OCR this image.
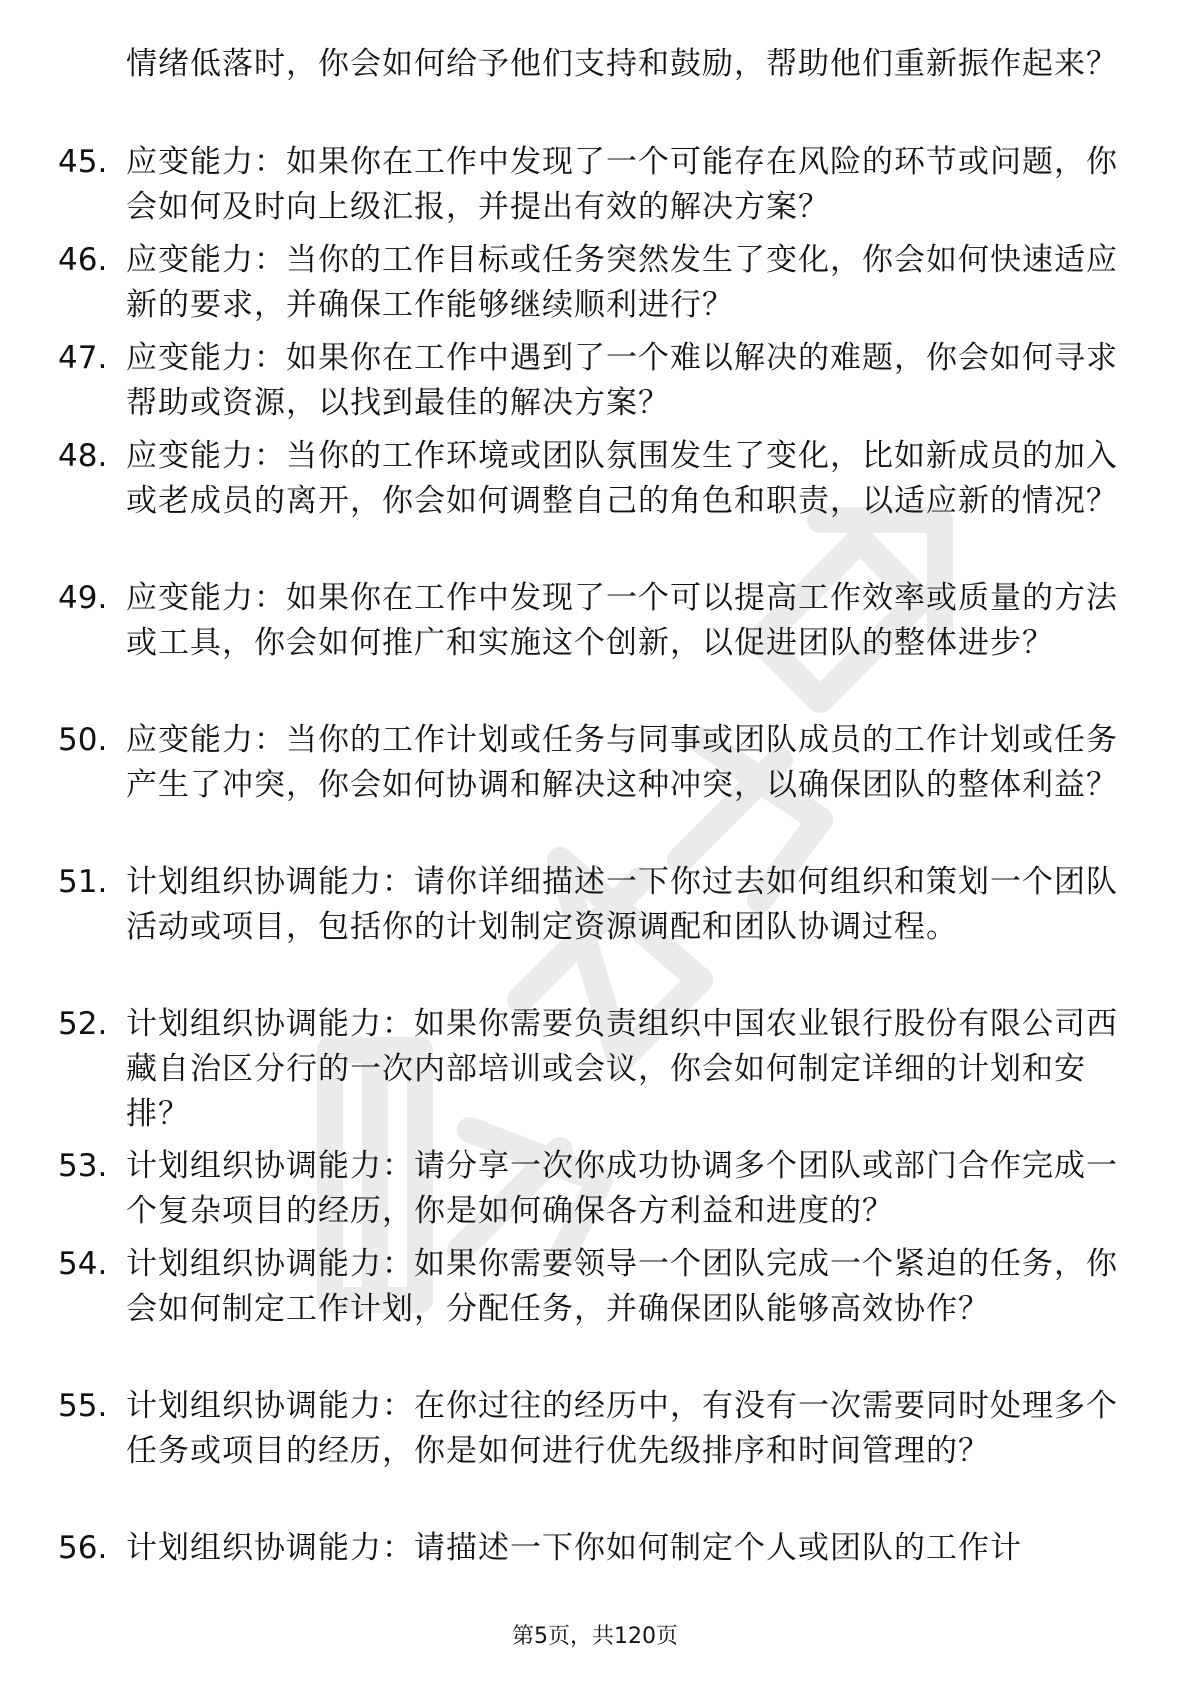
情绪低落时，你会如何给予他们支持和鼓励，帮助他们重新振作起来？
45. 应变能力：如果你在工作中发现了一个可能存在风险的环节或问题，你会如何及时向上级汇报，并提出有效的解决方案？
46. 应变能力：当你的工作目标或任务突然发生了变化，你会如何快速适应新的要求，并确保工作能够继续顺利进行？
47. 应变能力：如果你在工作中遇到了一个难以解决的难题，你会如何寻求帮助或资源，以找到最佳的解决方案？
48. 应变能力：当你的工作环境或团队氛围发生了变化，比如新成员的加入或老成员的离开，你会如何调整自己的角色和职责，以适应新的情况？
49. 应变能力：如果你在工作中发现了一个可以提高工作效率或质量的方法或工具，你会如何推广和实施这个创新，以促进团队的整体进步？
50. 应变能力：当你的工作计划或任务与同事或团队成员的工作计划或任务产生了冲突，你会如何协调和解决这种冲突，以确保团队的整体利益？
51. 计划组织协调能力：请你详细描述一下你过去如何组织和策划一个团队活动或项目，包括你的计划制定资源调配和团队协调过程。
52. 计划组织协调能力：如果你需要负责组织中国农业银行股份有限公司西藏自治区分行的一次内部培训或会议，你会如何制定详细的计划和安排？
53. 计划组织协调能力：请分享一次你成功协调多个团队或部门合作完成一个复杂项目的经历，你是如何确保各方利益和进度的？
54. 计划组织协调能力：如果你需要领导一个团队完成一个紧迫的任务，你会如何制定工作计划，分配任务，并确保团队能够高效协作？
55. 计划组织协调能力：在你过往的经历中，有没有一次需要同时处理多个任务或项目的经历，你是如何进行优先级排序和时间管理的？
56. 计划组织协调能力：请描述一下你如何制定个人或团队的工作计
第5页，共120页
